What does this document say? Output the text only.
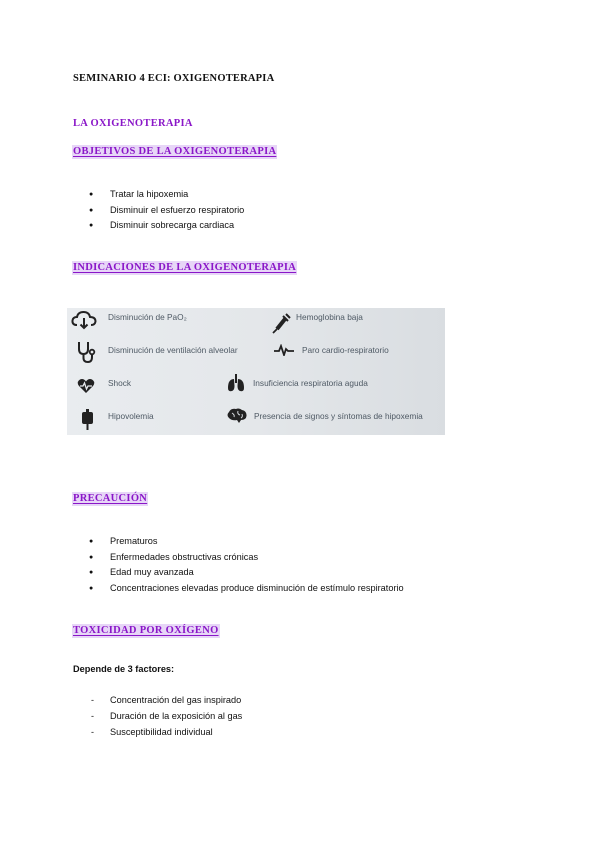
SEMINARIO 4 ECI: OXIGENOTERAPIA
LA OXIGENOTERAPIA
OBJETIVOS DE LA OXIGENOTERAPIA
● Tratar la hipoxemia
● Disminuir el esfuerzo respiratorio
● Disminuir sobrecarga cardiaca
INDICACIONES DE LA OXIGENOTERAPIA
Disminución de PaO₂
Disminución de ventilación alveolar
Shock
Hipovolemia
Hemoglobina baja
Paro cardio-respiratorio
Insuficiencia respiratoria aguda
Presencia de signos y síntomas de hipoxemia
PRECAUCIÓN
● Prematuros
● Enfermedades obstructivas crónicas
● Edad muy avanzada
● Concentraciones elevadas produce disminución de estímulo respiratorio
TOXICIDAD POR OXÍGENO
Depende de 3 factores:
- Concentración del gas inspirado
- Duración de la exposición al gas
- Susceptibilidad individual
